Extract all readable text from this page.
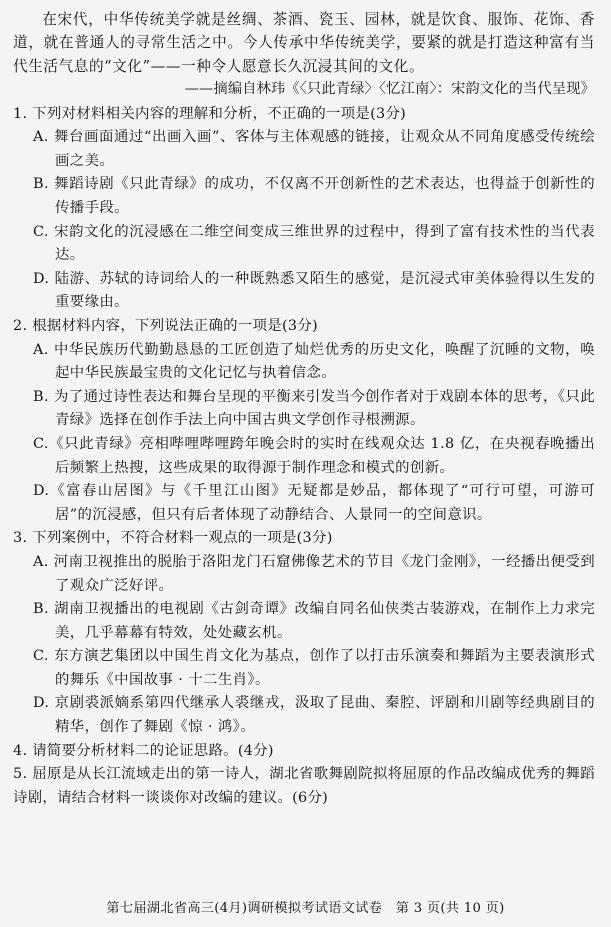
在宋代，中华传统美学就是丝绸、茶酒、瓷玉、园林，就是饮食、服饰、花饰、香道，就在普通人的寻常生活之中。今人传承中华传统美学，要紧的就是打造这种富有当代生活气息的“文化”——一种令人愿意长久沉浸其间的文化。

——摘编自林玮《〈只此青绿〉〈忆江南〉：宋韵文化的当代呈现》

1. 下列对材料相关内容的理解和分析，不正确的一项是(3分)

A. 舞台画面通过“出画入画”、客体与主体观感的链接，让观众从不同角度感受传统绘画之美。

B. 舞蹈诗剧《只此青绿》的成功，不仅离不开创新性的艺术表达，也得益于创新性的传播手段。

C. 宋韵文化的沉浸感在二维空间变成三维世界的过程中，得到了富有技术性的当代表达。

D. 陆游、苏轼的诗词给人的一种既熟悉又陌生的感觉，是沉浸式审美体验得以生发的重要缘由。

2. 根据材料内容，下列说法正确的一项是(3分)

A. 中华民族历代勤勤恳恳的工匠创造了灿烂优秀的历史文化，唤醒了沉睡的文物，唤起中华民族最宝贵的文化记忆与执着信念。

B. 为了通过诗性表达和舞台呈现的平衡来引发当今创作者对于戏剧本体的思考，《只此青绿》选择在创作手法上向中国古典文学创作寻根溯源。

C.《只此青绿》亮相哔哩哔哩跨年晚会时的实时在线观众达 1.8 亿，在央视春晚播出后频繁上热搜，这些成果的取得源于制作理念和模式的创新。

D.《富春山居图》与《千里江山图》无疑都是妙品，都体现了“可行可望，可游可居”的沉浸感，但只有后者体现了动静结合、人景同一的空间意识。

3. 下列案例中，不符合材料一观点的一项是(3分)

A. 河南卫视推出的脱胎于洛阳龙门石窟佛像艺术的节目《龙门金刚》，一经播出便受到了观众广泛好评。

B. 湖南卫视播出的电视剧《古剑奇谭》改编自同名仙侠类古装游戏，在制作上力求完美，几乎幕幕有特效，处处藏玄机。

C. 东方演艺集团以中国生肖文化为基点，创作了以打击乐演奏和舞蹈为主要表演形式的舞乐《中国故事 · 十二生肖》。

D. 京剧裘派嫡系第四代继承人裘继戎，汲取了昆曲、秦腔、评剧和川剧等经典剧目的精华，创作了舞剧《惊 · 鸿》。

4. 请简要分析材料二的论证思路。(4分)

5. 屈原是从长江流域走出的第一诗人，湖北省歌舞剧院拟将屈原的作品改编成优秀的舞蹈诗剧，请结合材料一谈谈你对改编的建议。(6分)

第七届湖北省高三(4月)调研模拟考试语文试卷　第 3 页(共 10 页)
